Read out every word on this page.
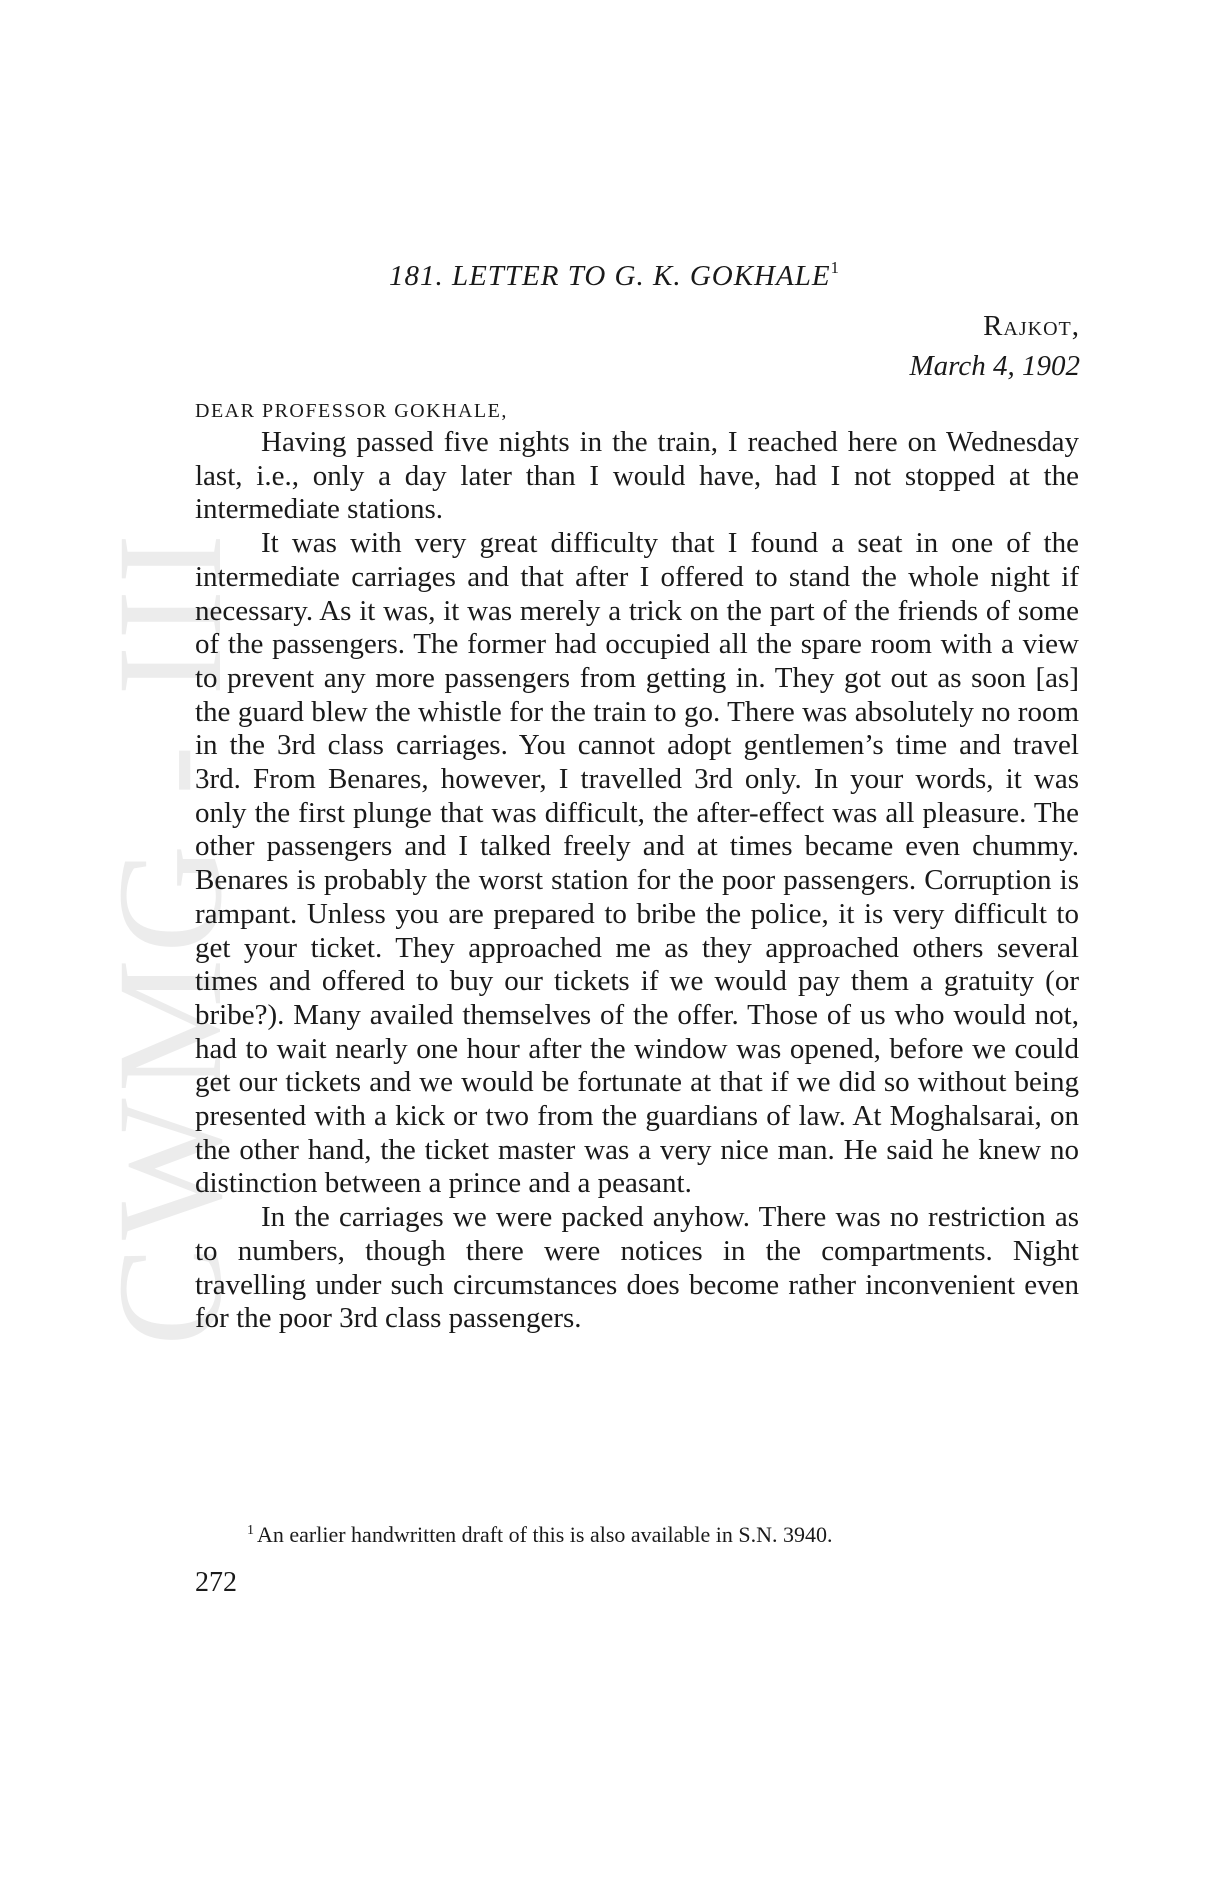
CWMG - III
181. LETTER TO G. K. GOKHALE$^1$
Rajkot,
March 4, 1902
DEAR PROFESSOR GOKHALE,

Having passed five nights in the train, I reached here on Wednesday last, i.e., only a day later than I would have, had I not stopped at the intermediate stations.

It was with very great difficulty that I found a seat in one of the intermediate carriages and that after I offered to stand the whole night if necessary. As it was, it was merely a trick on the part of the friends of some of the passengers. The former had occupied all the spare room with a view to prevent any more passengers from getting in. They got out as soon [as] the guard blew the whistle for the train to go. There was absolutely no room in the 3rd class carriages. You cannot adopt gentlemen’s time and travel 3rd. From Benares, however, I travelled 3rd only. In your words, it was only the first plunge that was difficult, the after-effect was all pleasure. The other passengers and I talked freely and at times became even chummy. Benares is probably the worst station for the poor passengers. Corruption is rampant. Unless you are prepared to bribe the police, it is very difficult to get your ticket. They approached me as they approached others several times and offered to buy our tickets if we would pay them a gratuity (or bribe?). Many availed themselves of the offer. Those of us who would not, had to wait nearly one hour after the window was opened, before we could get our tickets and we would be fortunate at that if we did so without being presented with a kick or two from the guardians of law. At Moghalsarai, on the other hand, the ticket master was a very nice man. He said he knew no distinction between a prince and a peasant.

In the carriages we were packed anyhow. There was no restriction as to numbers, though there were notices in the compartments. Night travelling under such circumstances does become rather inconvenient even for the poor 3rd class passengers.

$^1$ An earlier handwritten draft of this is also available in S.N. 3940.
272
